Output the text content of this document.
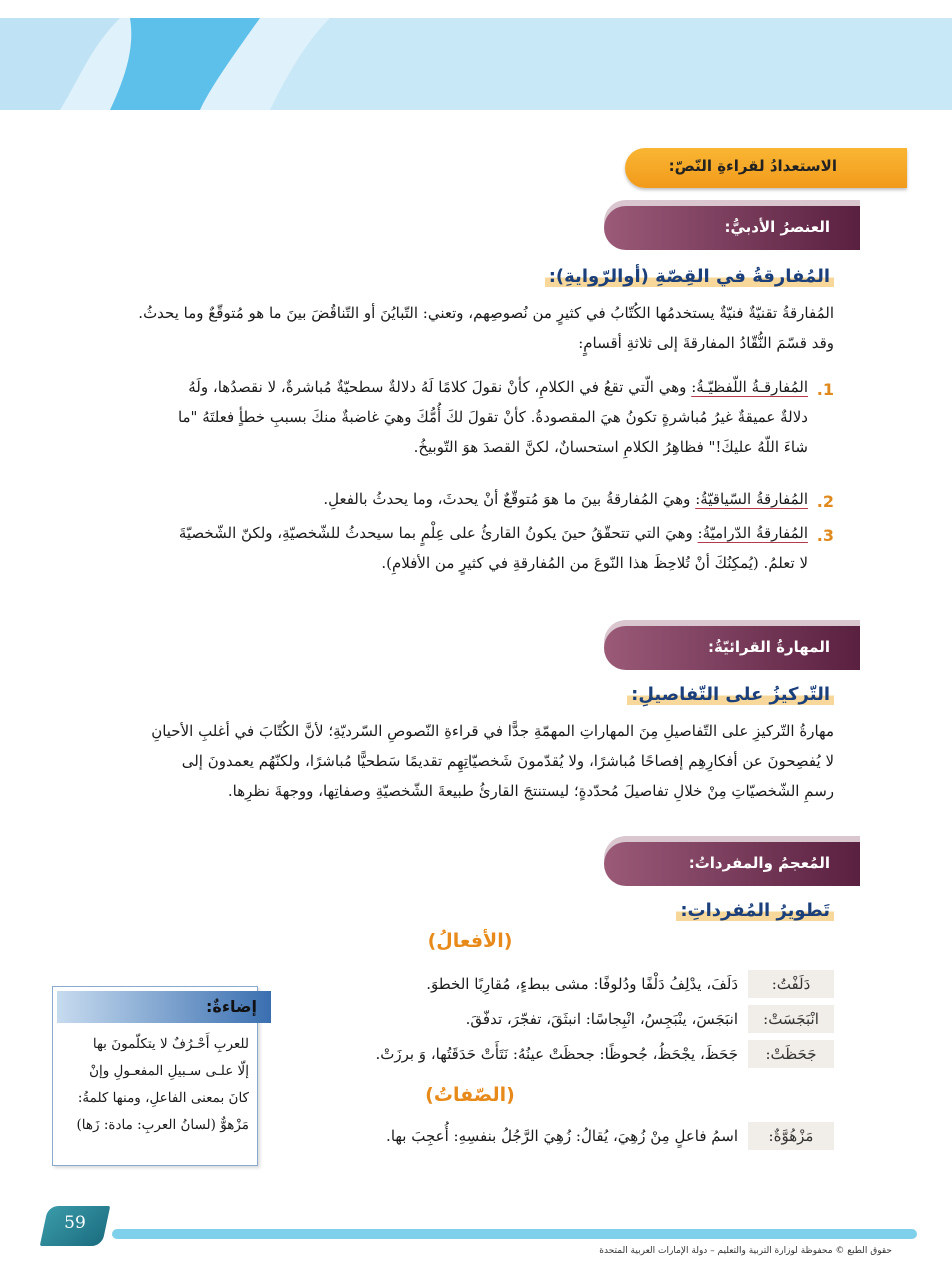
الاستعدادُ لقراءةِ النّصّ:
العنصرُ الأدبيُّ:
المُفارقةُ في القِصّةِ (أوالرّوايةِ):
المُفارقةُ تقنيّةٌ فنيّةٌ يستخدمُها الكُتّابُ في كثيرٍ من نُصوصِهم، وتعني: التّبايُنَ أو التّناقُضَ بينَ ما هو مُتوقّعٌ وما يحدثُ.
وقد قسّمَ النُّقّادُ المفارقةَ إلى ثلاثةِ أقسامٍ:
.1
المُفارقـةُ اللّفظيّـةُ: وهي الّتي تقعُ في الكلامِ، كأنْ نقولَ كلامًا لَهُ دلالةٌ سطحيّةٌ مُباشرةٌ، لا نقصدُها، ولَهُ
دلالةٌ عميقةٌ غيرُ مُباشرةٍ تكونُ هيَ المقصودةُ. كأنْ تقولَ لكَ أُمُّكَ وهيَ غاضبةٌ منكَ بسببِ خطأٍ فعلتَهُ "ما
شاءَ اللّهُ عليكَ!" فظاهِرُ الكلامِ استحسانٌ، لكنَّ القصدَ هوَ التّوبيخُ.
.2
المُفارقةُ السّياقيّةُ: وهيَ المُفارقةُ بينَ ما هوَ مُتوقّعٌ أنْ يحدثَ، وما يحدثُ بالفعلِ.
.3
المُفارقةُ الدّراميّةُ: وهيَ التي تتحقّقُ حينَ يكونُ القارئُ على عِلْمٍ بما سيحدثُ للشّخصيّةِ، ولكنّ الشّخصيّةَ
لا تعلمُ. (يُمكِنُكَ أنْ تُلاحِظَ هذا النّوعَ من المُفارقةِ في كثيرٍ من الأفلامِ).
المهارةُ القرائيّةُ:
التّركيزُ على التّفاصيلِ:
مهارةُ التّركيزِ على التّفاصيلِ مِنَ المهاراتِ المهمّةِ جدًّا في قراءةِ النّصوصِ السّرديّةِ؛ لأنَّ الكُتّابَ في أغلبِ الأحيانِ
لا يُفصِحونَ عن أفكارِهِم إفصاحًا مُباشرًا، ولا يُقدّمونَ شَخصيّاتِهِم تقديمًا سَطحيًّا مُباشرًا، ولكنّهُم يعمدونَ إلى
رسمِ الشّخصيّاتِ مِنْ خلالِ تفاصيلَ مُحدّدةٍ؛ ليستنتجَ القارئُ طبيعةَ الشّخصيّةِ وصفاتِها، ووجهةَ نظرِها.
المُعجمُ والمفرداتُ:
تَطويرُ المُفرداتِ:
(الأفعالُ)
دَلَفْتُ:
دَلَفَ، يدْلِفُ دَلْفًا ودُلوفًا: مشى ببطءٍ، مُقارِبًا الخطوَ.
انْبَجَسَتْ:
انبَجَسَ، ينْبَجِسُ، انْبِجاسًا: انبثَقَ، تفجّرَ، تدفّقَ.
جَحَظَتْ:
جَحَظَ، يجْحَظُ، جُحوظًا: جحظَتْ عينُهُ: نَتَأَتْ حَدَقَتُها، وَ برزَتْ.
(الصّفاتُ)
مَزْهُوَّةٌ:
اسمُ فاعلٍ مِنْ زُهِيَ، يُقالُ: زُهِيَ الرَّجُلُ بنفسِهِ: أُعجِبَ بها.
إضاءةٌ:
للعربِ أَحْـرُفٌ لا يتكلّمونَ بها
إلّا علـى سـبيلِ المفعـولِ وإنْ
كانَ بمعنى الفاعلِ، ومنها كلمةُ:
مَزْهوٌّ (لسانُ العربِ: مادة: زَها)
59
حقوق الطبع © محفوظة لوزارة التربية والتعليم – دولة الإمارات العربية المتحدة
